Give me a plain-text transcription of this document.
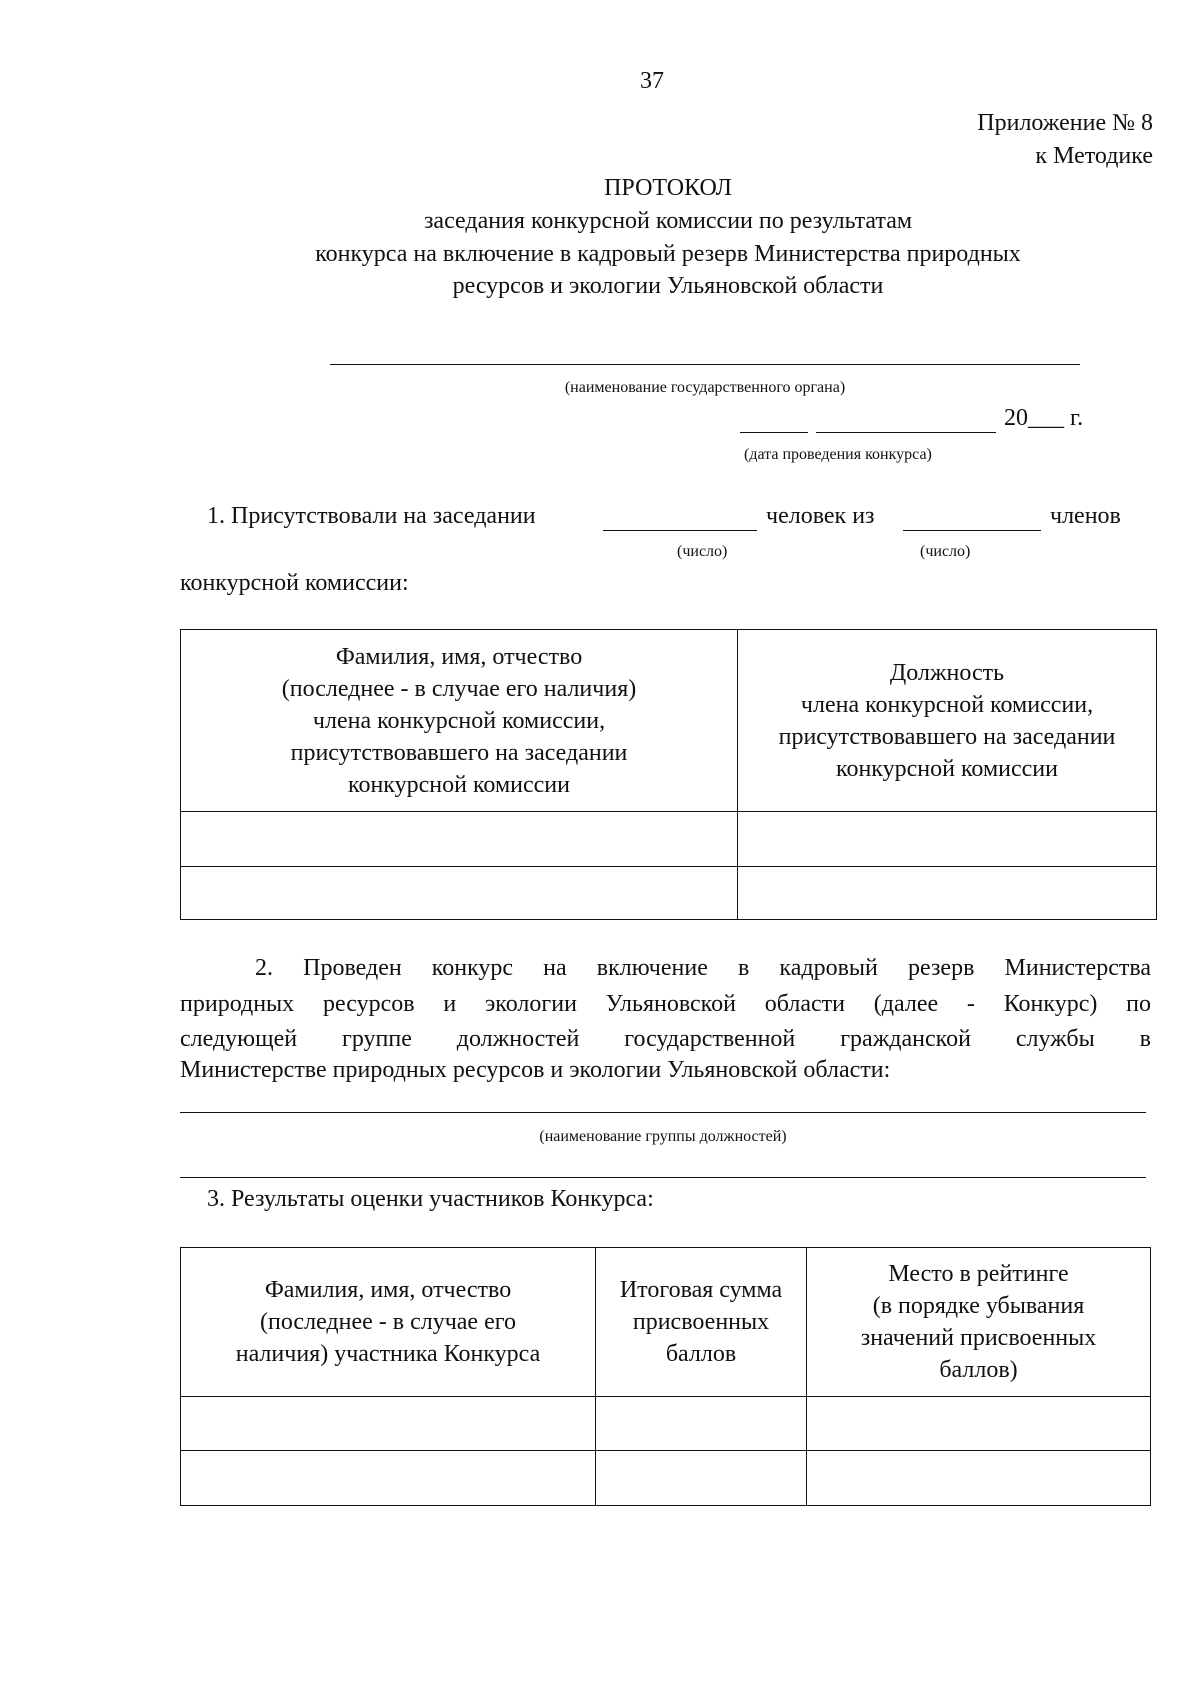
37
Приложение № 8
к Методике
ПРОТОКОЛ
заседания конкурсной комиссии по результатам
конкурса на включение в кадровый резерв Министерства природных
ресурсов и экологии Ульяновской области
(наименование государственного органа)
20___ г.
(дата проведения конкурса)
1. Присутствовали на заседании	человек из	членов
(число)	(число)
конкурсной комиссии:
Фамилия, имя, отчество
(последнее - в случае его наличия)
члена конкурсной комиссии,
присутствовавшего на заседании
конкурсной комиссии

Должность
члена конкурсной комиссии,
присутствовавшего на заседании
конкурсной комиссии

2. Проведен конкурс на включение в кадровый резерв Министерства
природных ресурсов и экологии Ульяновской области (далее - Конкурс) по
следующей группе должностей государственной гражданской службы в
Министерстве природных ресурсов и экологии Ульяновской области:
(наименование группы должностей)
3. Результаты оценки участников Конкурса:
Фамилия, имя, отчество
(последнее - в случае его
наличия) участника Конкурса

Итоговая сумма
присвоенных
баллов

Место в рейтинге
(в порядке убывания
значений присвоенных
баллов)
